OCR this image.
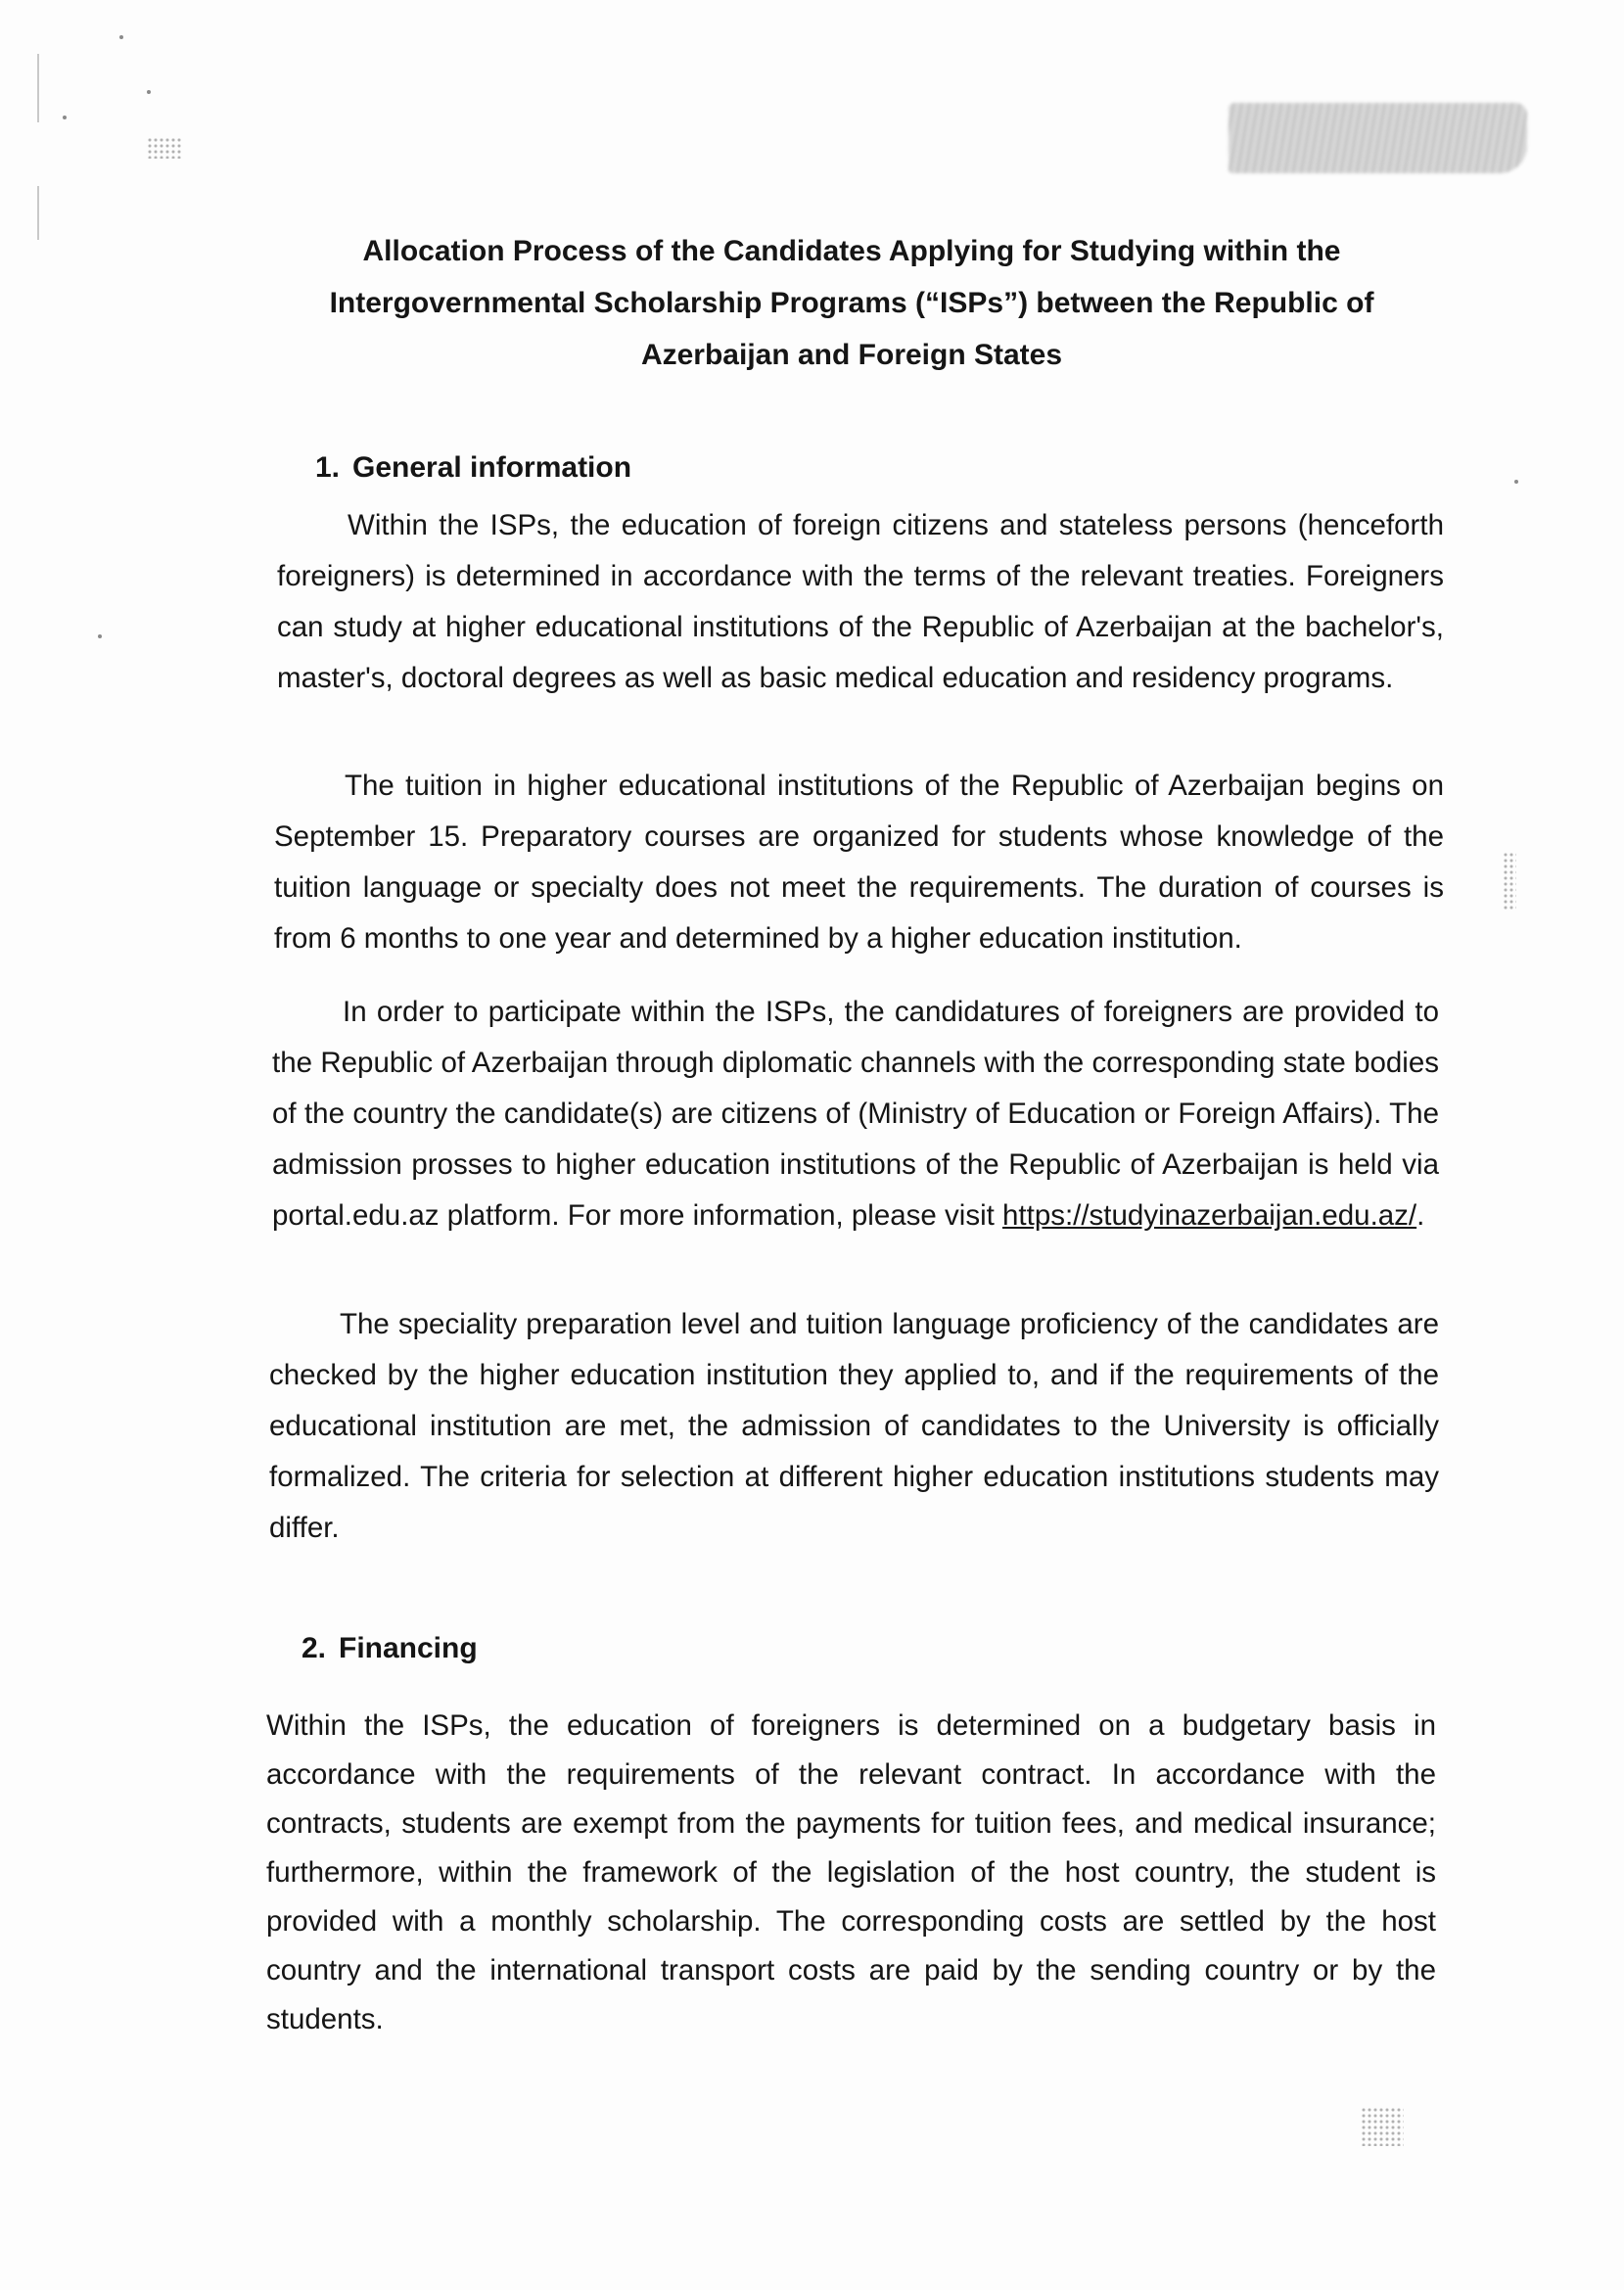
Allocation Process of the Candidates Applying for Studying within the Intergovernmental Scholarship Programs (“ISPs”) between the Republic of Azerbaijan and Foreign States
1. General information

Within the ISPs, the education of foreign citizens and stateless persons (henceforth foreigners) is determined in accordance with the terms of the relevant treaties. Foreigners can study at higher educational institutions of the Republic of Azerbaijan at the bachelor's, master's, doctoral degrees as well as basic medical education and residency programs.

The tuition in higher educational institutions of the Republic of Azerbaijan begins on September 15. Preparatory courses are organized for students whose knowledge of the tuition language or specialty does not meet the requirements. The duration of courses is from 6 months to one year and determined by a higher education institution.

In order to participate within the ISPs, the candidatures of foreigners are provided to the Republic of Azerbaijan through diplomatic channels with the corresponding state bodies of the country the candidate(s) are citizens of (Ministry of Education or Foreign Affairs). The admission prosses to higher education institutions of the Republic of Azerbaijan is held via portal.edu.az platform. For more information, please visit https://studyinazerbaijan.edu.az/.

The speciality preparation level and tuition language proficiency of the candidates are checked by the higher education institution they applied to, and if the requirements of the educational institution are met, the admission of candidates to the University is officially formalized. The criteria for selection at different higher education institutions students may differ.

2. Financing

Within the ISPs, the education of foreigners is determined on a budgetary basis in accordance with the requirements of the relevant contract. In accordance with the contracts, students are exempt from the payments for tuition fees, and medical insurance; furthermore, within the framework of the legislation of the host country, the student is provided with a monthly scholarship. The corresponding costs are settled by the host country and the international transport costs are paid by the sending country or by the students.
